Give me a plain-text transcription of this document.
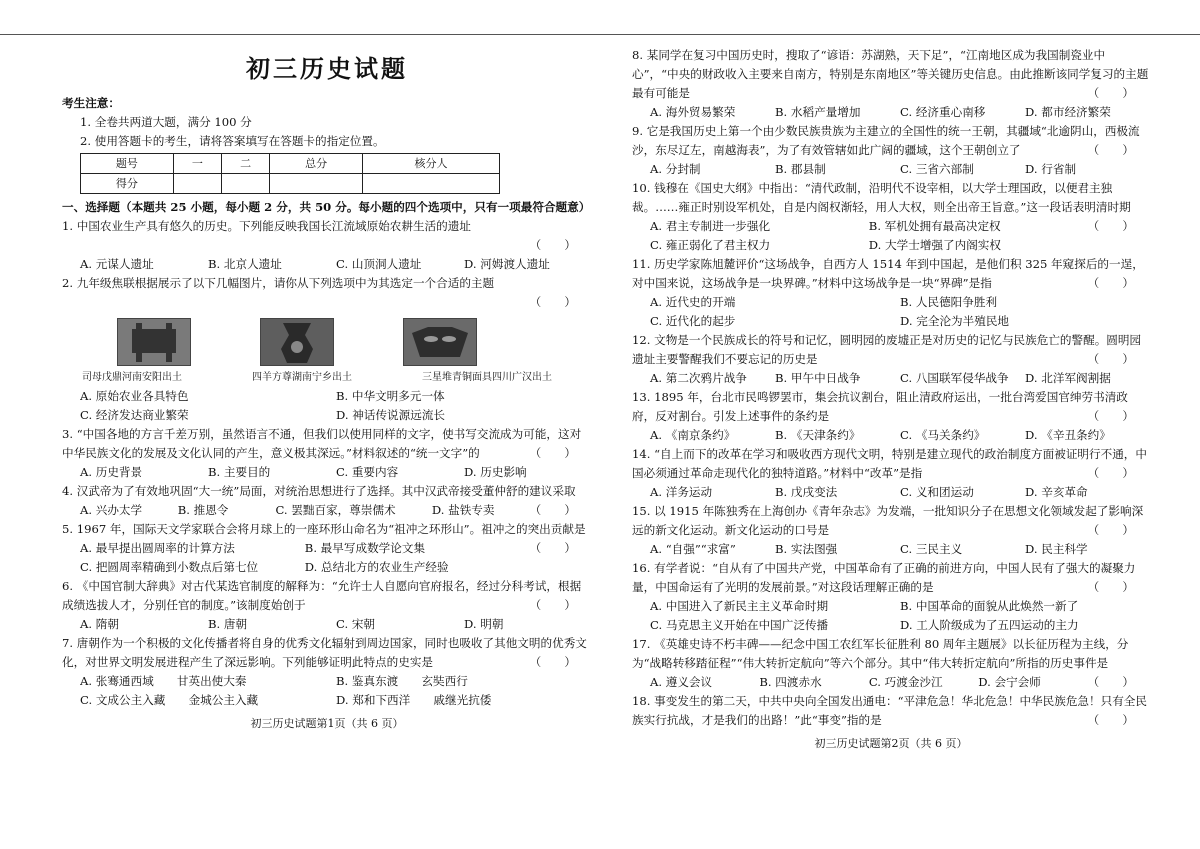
初三历史试题
考生注意：
1. 全卷共两道大题，满分 100 分
2. 使用答题卡的考生，请将答案填写在答题卡的指定位置。
题号	一	二	总分	核分人
得分				
一、选择题（本题共 25 小题，每小题 2 分，共 50 分。每小题的四个选项中，只有一项最符合题意）
1. 中国农业生产具有悠久的历史。下列能反映我国长江流域原始农耕生活的遗址
（　　）

A. 元谋人遗址	B. 北京人遗址	C. 山顶洞人遗址	D. 河姆渡人遗址
2. 九年级焦联根据展示了以下几幅图片，请你从下列选项中为其选定一个合适的主题
（　　）

司母戊鼎河南安阳出土	四羊方尊湖南宁乡出土	三星堆青铜面具四川广汉出土
A. 原始农业各具特色	B. 中华文明多元一体
C. 经济发达商业繁荣	D. 神话传说源远流长
3. “中国各地的方言千差万别，虽然语言不通，但我们以使用同样的文字，使书写交流成为可能，这对中华民族文化的发展及文化认同的产生，意义极其深远。”材料叙述的“统一文字”的	（　　）
A. 历史背景	B. 主要目的	C. 重要内容	D. 历史影响
4. 汉武帝为了有效地巩固“大一统”局面，对统治思想进行了选择。其中汉武帝接受董仲舒的建议采取
（　　）
A. 兴办太学	B. 推恩令	C. 罢黜百家，尊崇儒术	D. 盐铁专卖
5. 1967 年，国际天文学家联合会将月球上的一座环形山命名为“祖冲之环形山”。祖冲之的突出贡献是
（　　）
A. 最早提出圆周率的计算方法	B. 最早写成数学论文集
C. 把圆周率精确到小数点后第七位	D. 总结北方的农业生产经验
6. 《中国官制大辞典》对古代某选官制度的解释为：“允许士人自愿向官府报名，经过分科考试，根据成绩选拔人才，分别任官的制度。”该制度始创于	（　　）
A. 隋朝	B. 唐朝	C. 宋朝	D. 明朝
7. 唐朝作为一个积极的文化传播者将自身的优秀文化辐射到周边国家，同时也吸收了其他文明的优秀文化，对世界文明发展进程产生了深远影响。下列能够证明此特点的史实是	（　　）
A. 张骞通西域　　甘英出使大秦	B. 鉴真东渡　　玄奘西行
C. 文成公主入藏　　金城公主入藏	D. 郑和下西洋　　戚继光抗倭
初三历史试题第1页（共 6 页）
8. 某同学在复习中国历史时，搜取了“谚语：苏湖熟，天下足”，“江南地区成为我国制瓷业中心”，“中央的财政收入主要来自南方，特别是东南地区”等关键历史信息。由此推断该同学复习的主题最有可能是	（　　）
A. 海外贸易繁荣	B. 水稻产量增加	C. 经济重心南移	D. 都市经济繁荣
9. 它是我国历史上第一个由少数民族贵族为主建立的全国性的统一王朝，其疆域“北逾阴山，西极流沙，东尽辽左，南越海表”，为了有效管辖如此广阔的疆域，这个王朝创立了	（　　）
A. 分封制	B. 郡县制	C. 三省六部制	D. 行省制
10. 钱穆在《国史大纲》中指出：“清代政制，沿明代不设宰相，以大学士理国政，以便君主独裁。……雍正时别设军机处，自是内阁权渐轻，用人大权，则全出帝王旨意。”这一段话表明清时期
（　　）
A. 君主专制进一步强化	B. 军机处拥有最高决定权
C. 雍正弱化了君主权力	D. 大学士增强了内阁实权
11. 历史学家陈旭麓评价“这场战争，自西方人 1514 年到中国起，是他们积 325 年窥探后的一逞，对中国来说，这场战争是一块界碑。”材料中这场战争是一块“界碑”是指	（　　）
A. 近代史的开端	B. 人民德阳争胜利
C. 近代化的起步	D. 完全沦为半殖民地
12. 文物是一个民族成长的符号和记忆，圆明园的废墟正是对历史的记忆与民族危亡的警醒。圆明园遗址主要警醒我们不要忘记的历史是	（　　）
A. 第二次鸦片战争	B. 甲午中日战争	C. 八国联军侵华战争	D. 北洋军阀割据
13. 1895 年，台北市民鸣锣罢市，集会抗议割台，阻止清政府运出，一批台湾爱国官绅劳书清政府，反对割台。引发上述事件的条约是	（　　）
A. 《南京条约》	B. 《天津条约》	C. 《马关条约》	D. 《辛丑条约》
14. “自上而下的改革在学习和吸收西方现代文明，特别是建立现代的政治制度方面被证明行不通，中国必须通过革命走现代化的独特道路。”材料中“改革”是指	（　　）
A. 洋务运动	B. 戊戌变法	C. 义和团运动	D. 辛亥革命
15. 以 1915 年陈独秀在上海创办《青年杂志》为发端，一批知识分子在思想文化领域发起了影响深远的新文化运动。新文化运动的口号是	（　　）
A. “自强”“求富”	B. 实法图强	C. 三民主义	D. 民主科学
16. 有学者说：“自从有了中国共产党，中国革命有了正确的前进方向，中国人民有了强大的凝聚力量，中国命运有了光明的发展前景。”对这段话理解正确的是	（　　）
A. 中国进入了新民主主义革命时期	B. 中国革命的面貌从此焕然一新了
C. 马克思主义开始在中国广泛传播	D. 工人阶级成为了五四运动的主力
17. 《英雄史诗不朽丰碑——纪念中国工农红军长征胜利 80 周年主题展》以长征历程为主线，分为“战略转移踏征程”“伟大转折定航向”等六个部分。其中“伟大转折定航向”所指的历史事件是
（　　）
A. 遵义会议	B. 四渡赤水	C. 巧渡金沙江	D. 会宁会师
18. 事变发生的第二天，中共中央向全国发出通电：“平津危急！华北危急！中华民族危急！只有全民族实行抗战，才是我们的出路！”此“事变”指的是	（　　）
初三历史试题第2页（共 6 页）
